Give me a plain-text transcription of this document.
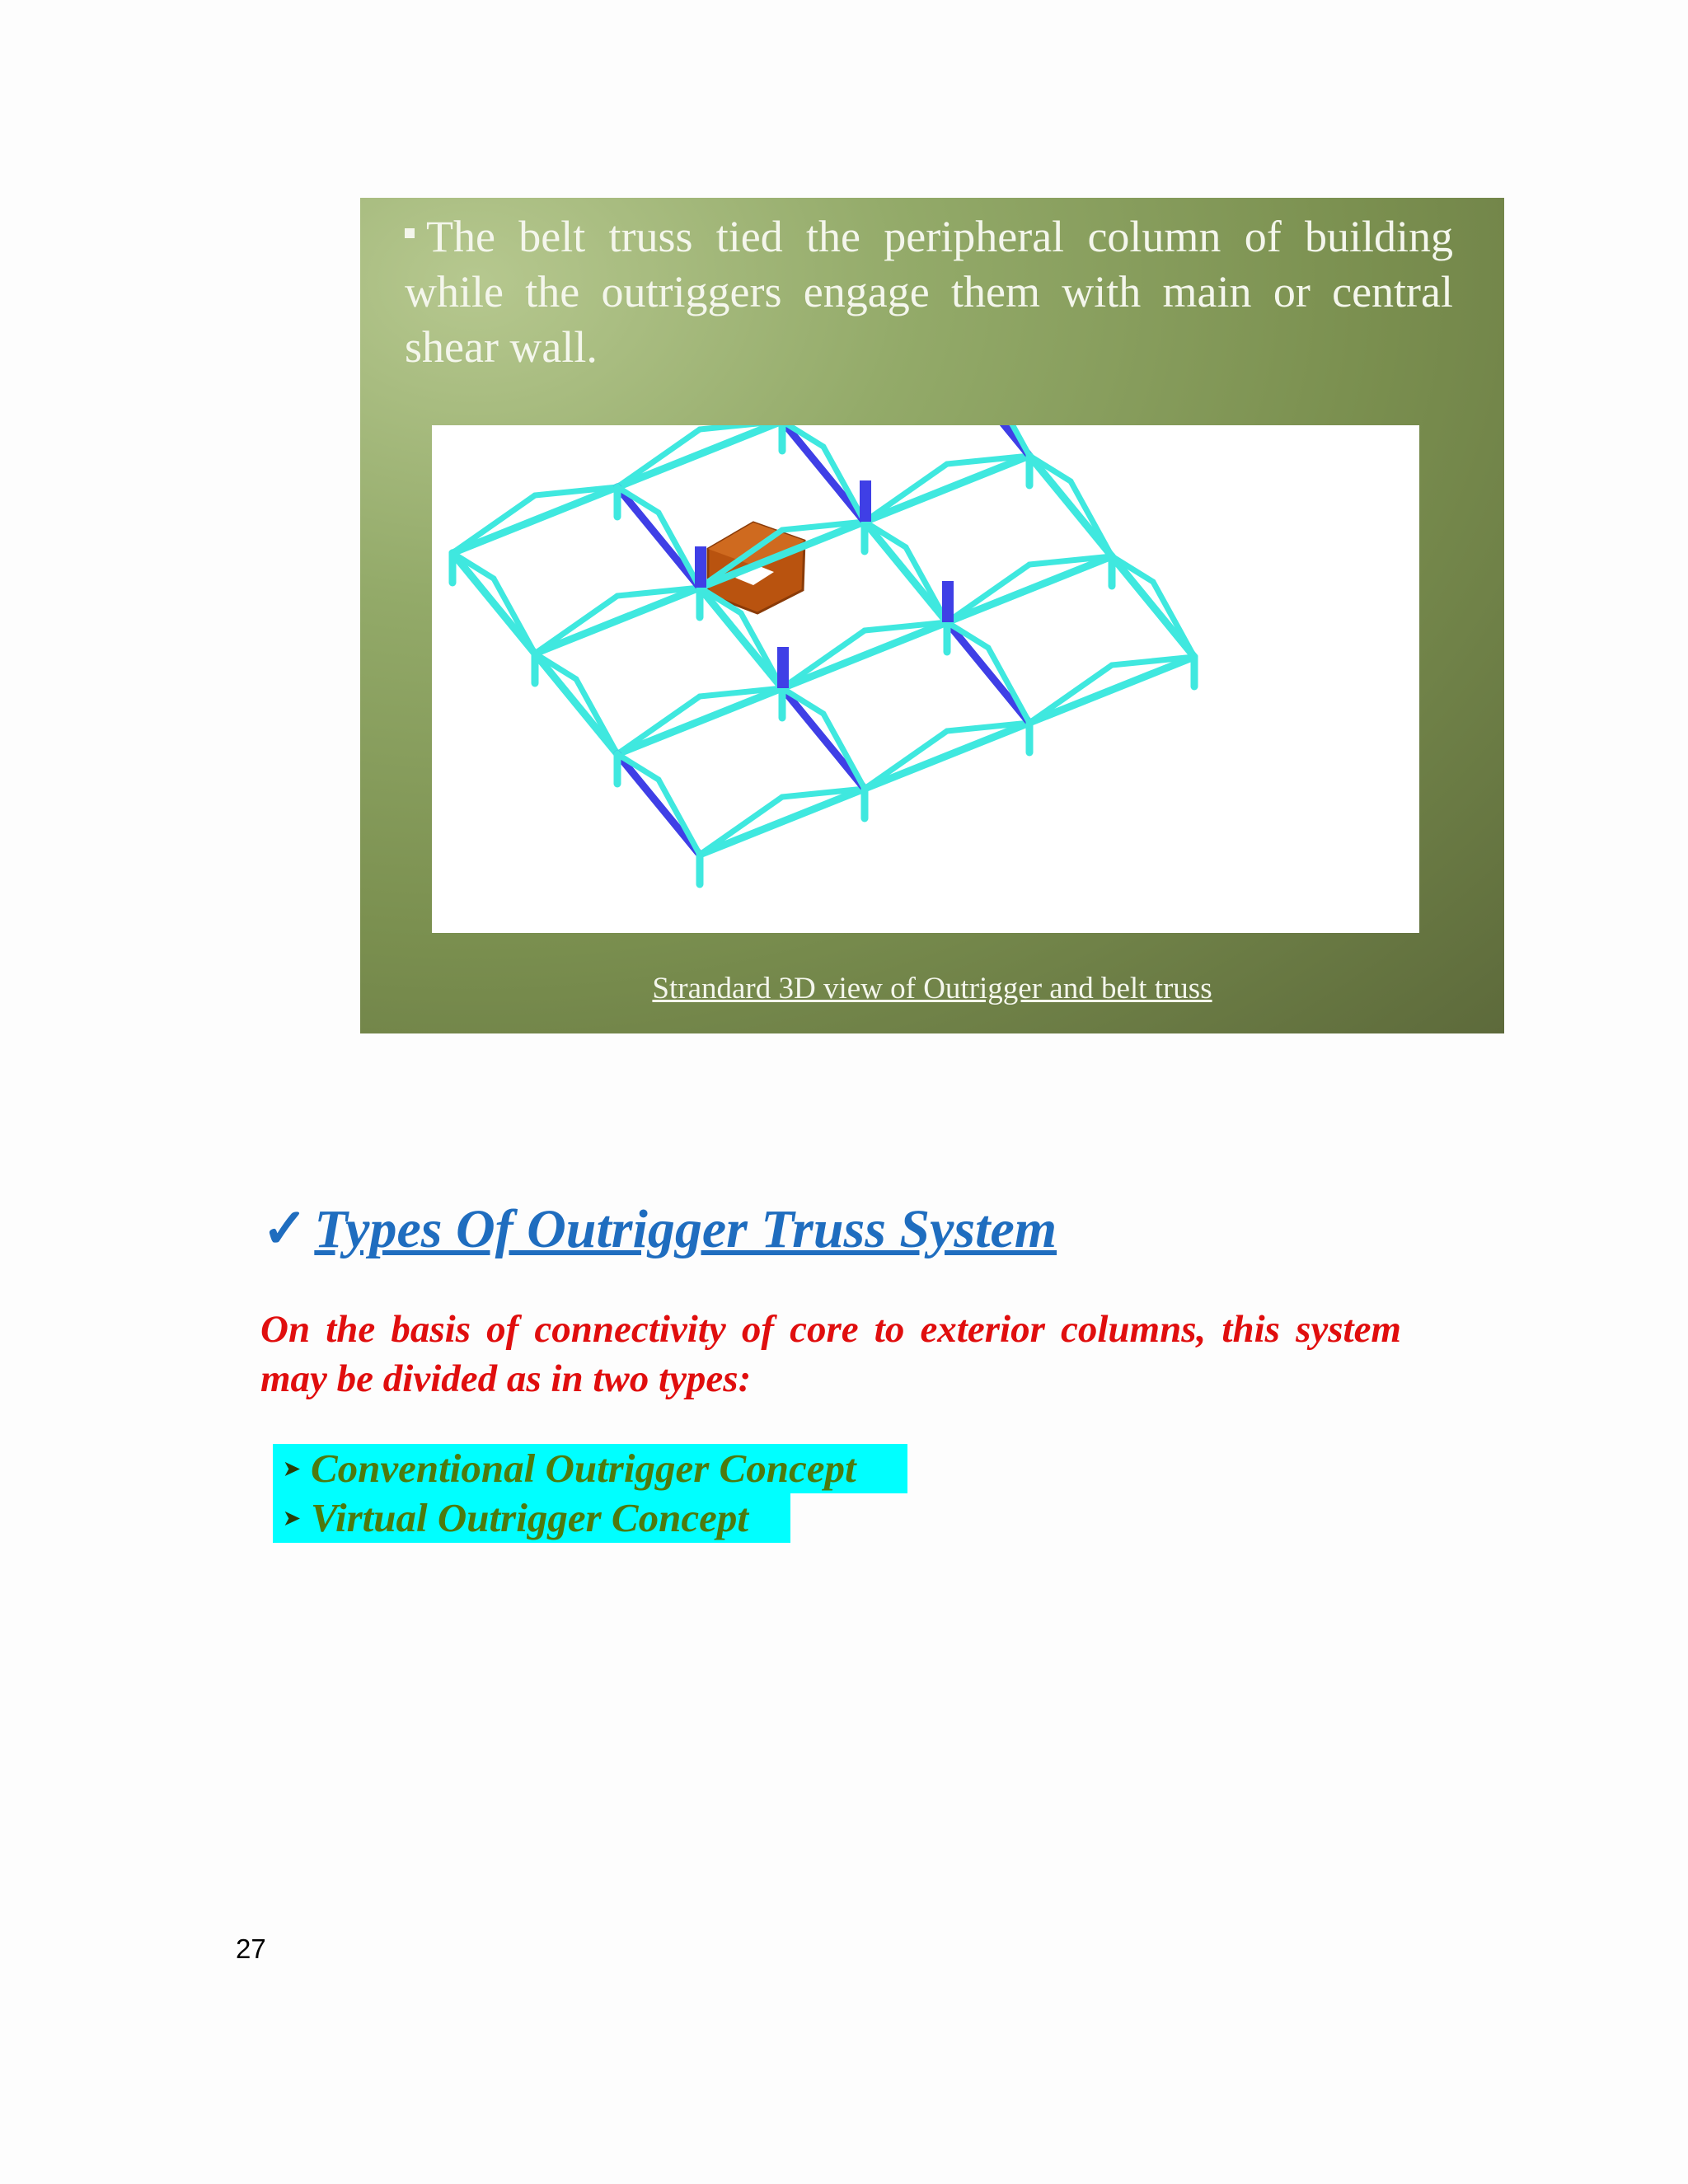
The belt truss tied the peripheral column of building while the outriggers engage them with main or central shear wall.
Strandard 3D view of Outrigger and belt truss
✓ Types Of Outrigger Truss System
On the basis of connectivity of core to exterior columns, this system may be divided as in two types:
➤ Conventional Outrigger Concept
➤ Virtual Outrigger Concept
27
